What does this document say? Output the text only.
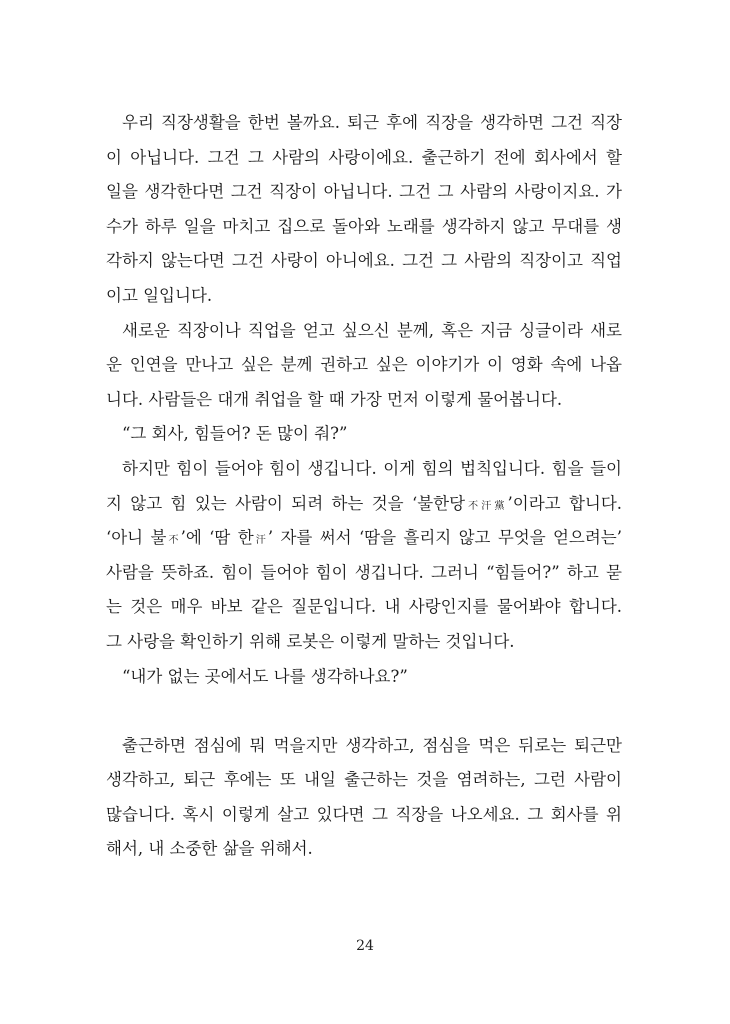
우리 직장생활을 한번 볼까요. 퇴근 후에 직장을 생각하면 그건 직장
이 아닙니다. 그건 그 사람의 사랑이에요. 출근하기 전에 회사에서 할
일을 생각한다면 그건 직장이 아닙니다. 그건 그 사람의 사랑이지요. 가
수가 하루 일을 마치고 집으로 돌아와 노래를 생각하지 않고 무대를 생
각하지 않는다면 그건 사랑이 아니에요. 그건 그 사람의 직장이고 직업
이고 일입니다.
새로운 직장이나 직업을 얻고 싶으신 분께, 혹은 지금 싱글이라 새로
운 인연을 만나고 싶은 분께 권하고 싶은 이야기가 이 영화 속에 나옵
니다. 사람들은 대개 취업을 할 때 가장 먼저 이렇게 물어봅니다.
“그 회사, 힘들어? 돈 많이 줘?”
하지만 힘이 들어야 힘이 생깁니다. 이게 힘의 법칙입니다. 힘을 들이
지 않고 힘 있는 사람이 되려 하는 것을 ‘불한당不汗黨’이라고 합니다.
‘아니 불不’에 ‘땀 한汗’ 자를 써서 ‘땀을 흘리지 않고 무엇을 얻으려는’
사람을 뜻하죠. 힘이 들어야 힘이 생깁니다. 그러니 “힘들어?” 하고 묻
는 것은 매우 바보 같은 질문입니다. 내 사랑인지를 물어봐야 합니다.
그 사랑을 확인하기 위해 로봇은 이렇게 말하는 것입니다.
“내가 없는 곳에서도 나를 생각하나요?”
출근하면 점심에 뭐 먹을지만 생각하고, 점심을 먹은 뒤로는 퇴근만
생각하고, 퇴근 후에는 또 내일 출근하는 것을 염려하는, 그런 사람이
많습니다. 혹시 이렇게 살고 있다면 그 직장을 나오세요. 그 회사를 위
해서, 내 소중한 삶을 위해서.
24
